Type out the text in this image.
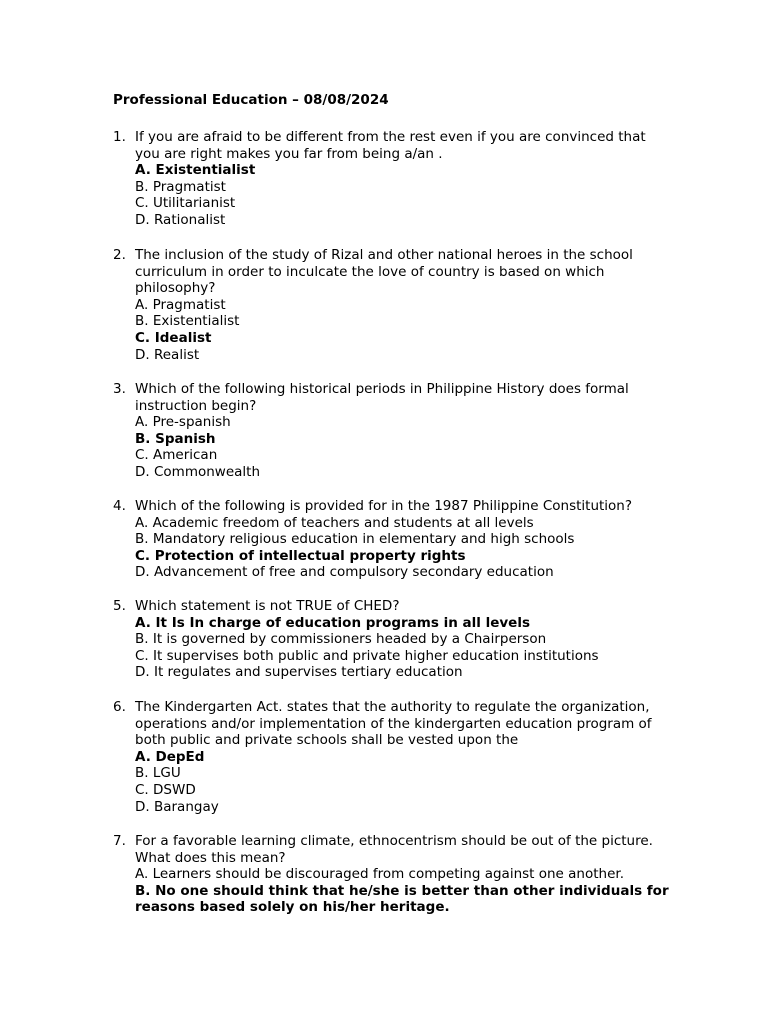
Professional Education – 08/08/2024
1. If you are afraid to be different from the rest even if you are convinced that you are right makes you far from being a/an .
A. Existentialist
B. Pragmatist
C. Utilitarianist
D. Rationalist
2. The inclusion of the study of Rizal and other national heroes in the school curriculum in order to inculcate the love of country is based on which philosophy?
A. Pragmatist
B. Existentialist
C. Idealist
D. Realist
3. Which of the following historical periods in Philippine History does formal instruction begin?
A. Pre-spanish
B. Spanish
C. American
D. Commonwealth
4. Which of the following is provided for in the 1987 Philippine Constitution?
A. Academic freedom of teachers and students at all levels
B. Mandatory religious education in elementary and high schools
C. Protection of intellectual property rights
D. Advancement of free and compulsory secondary education
5. Which statement is not TRUE of CHED?
A. It Is In charge of education programs in all levels
B. It is governed by commissioners headed by a Chairperson
C. It supervises both public and private higher education institutions
D. It regulates and supervises tertiary education
6. The Kindergarten Act. states that the authority to regulate the organization, operations and/or implementation of the kindergarten education program of both public and private schools shall be vested upon the
A. DepEd
B. LGU
C. DSWD
D. Barangay
7. For a favorable learning climate, ethnocentrism should be out of the picture. What does this mean?
A. Learners should be discouraged from competing against one another.
B. No one should think that he/she is better than other individuals for reasons based solely on his/her heritage.
